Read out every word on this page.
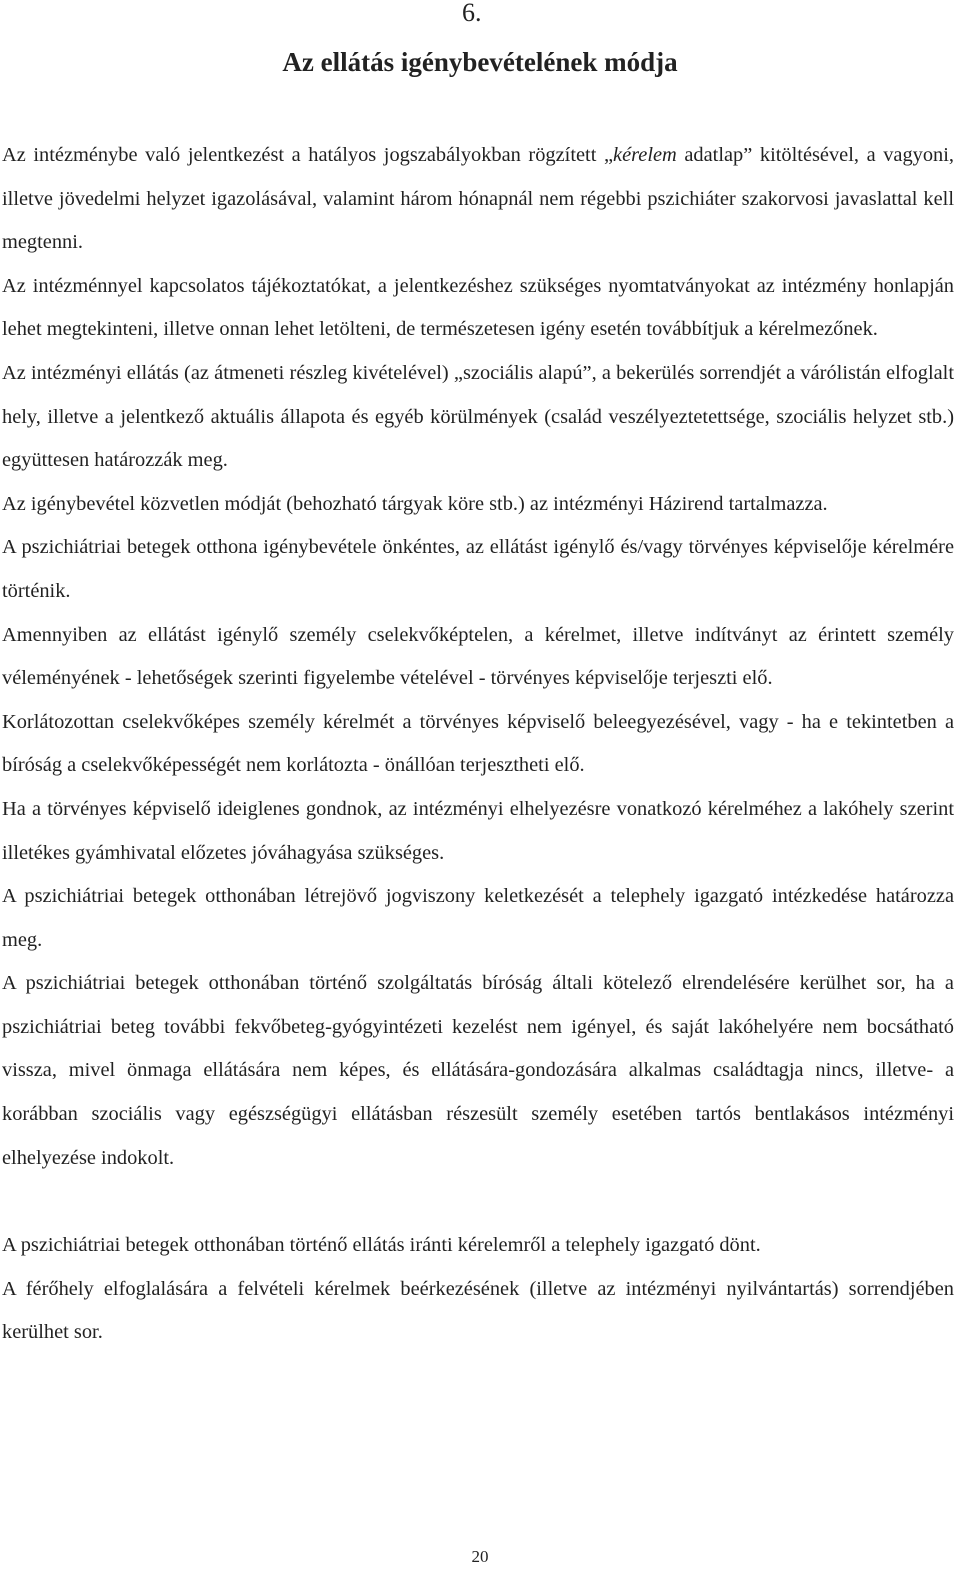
6.
Az ellátás igénybevételének módja

Az intézménybe való jelentkezést a hatályos jogszabályokban rögzített „kérelem adatlap” kitöltésével, a vagyoni, illetve jövedelmi helyzet igazolásával, valamint három hónapnál nem régebbi pszichiáter szakorvosi javaslattal kell megtenni.

Az intézménnyel kapcsolatos tájékoztatókat, a jelentkezéshez szükséges nyomtatványokat az intézmény honlapján lehet megtekinteni, illetve onnan lehet letölteni, de természetesen igény esetén továbbítjuk a kérelmezőnek.

Az intézményi ellátás (az átmeneti részleg kivételével) „szociális alapú”, a bekerülés sorrendjét a várólistán elfoglalt hely, illetve a jelentkező aktuális állapota és egyéb körülmények (család veszélyeztetettsége, szociális helyzet stb.) együttesen határozzák meg.

Az igénybevétel közvetlen módját (behozható tárgyak köre stb.) az intézményi Házirend tartalmazza.

A pszichiátriai betegek otthona igénybevétele önkéntes, az ellátást igénylő és/vagy törvényes képviselője kérelmére történik.

Amennyiben az ellátást igénylő személy cselekvőképtelen, a kérelmet, illetve indítványt az érintett személy véleményének - lehetőségek szerinti figyelembe vételével - törvényes képviselője terjeszti elő.

Korlátozottan cselekvőképes személy kérelmét a törvényes képviselő beleegyezésével, vagy - ha e tekintetben a bíróság a cselekvőképességét nem korlátozta - önállóan terjesztheti elő.

Ha a törvényes képviselő ideiglenes gondnok, az intézményi elhelyezésre vonatkozó kérelméhez a lakóhely szerint illetékes gyámhivatal előzetes jóváhagyása szükséges.

A pszichiátriai betegek otthonában létrejövő jogviszony keletkezését a telephely igazgató intézkedése határozza meg.

A pszichiátriai betegek otthonában történő szolgáltatás bíróság általi kötelező elrendelésére kerülhet sor, ha a pszichiátriai beteg további fekvőbeteg-gyógyintézeti kezelést nem igényel, és saját lakóhelyére nem bocsátható vissza, mivel önmaga ellátására nem képes, és ellátására-gondozására alkalmas családtagja nincs, illetve- a korábban szociális vagy egészségügyi ellátásban részesült személy esetében tartós bentlakásos intézményi elhelyezése indokolt.

A pszichiátriai betegek otthonában történő ellátás iránti kérelemről a telephely igazgató dönt.

A férőhely elfoglalására a felvételi kérelmek beérkezésének (illetve az intézményi nyilvántartás) sorrendjében kerülhet sor.

20
